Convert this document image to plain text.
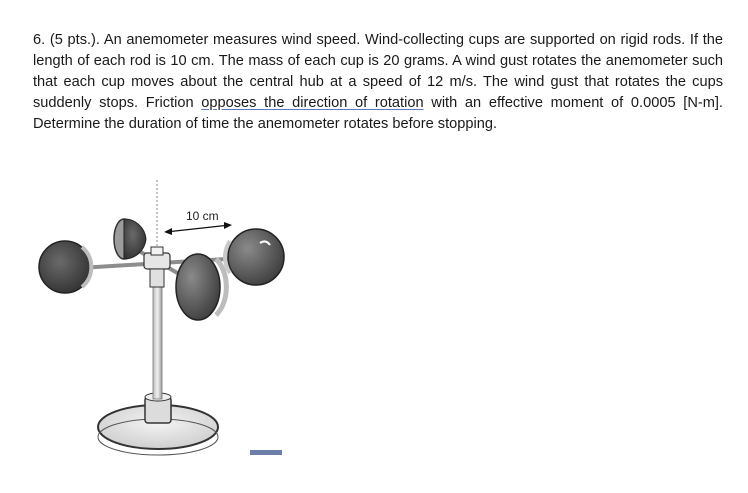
6. (5 pts.). An anemometer measures wind speed. Wind-collecting cups are supported on rigid rods. If the
length of each rod is 10 cm. The mass of each cup is 20 grams. A wind gust rotates the anemometer such
that each cup moves about the central hub at a speed of 12 m/s. The wind gust that rotates the cups
suddenly stops. Friction opposes the direction of rotation with an effective moment of 0.0005 [N-m].
Determine the duration of time the anemometer rotates before stopping.
10 cm
